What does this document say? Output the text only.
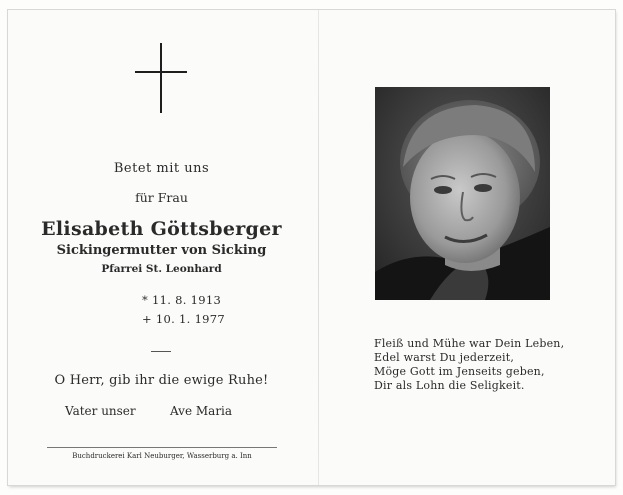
Betet mit uns
für Frau
Elisabeth Göttsberger
Sickingermutter von Sicking
Pfarrei St. Leonhard
* 11. 8. 1913
+ 10. 1. 1977
O Herr, gib ihr die ewige Ruhe!
Vater unser	Ave Maria
Buchdruckerei Karl Neuburger, Wasserburg a. Inn
Fleiß und Mühe war Dein Leben,
Edel warst Du jederzeit,
Möge Gott im Jenseits geben,
Dir als Lohn die Seligkeit.
